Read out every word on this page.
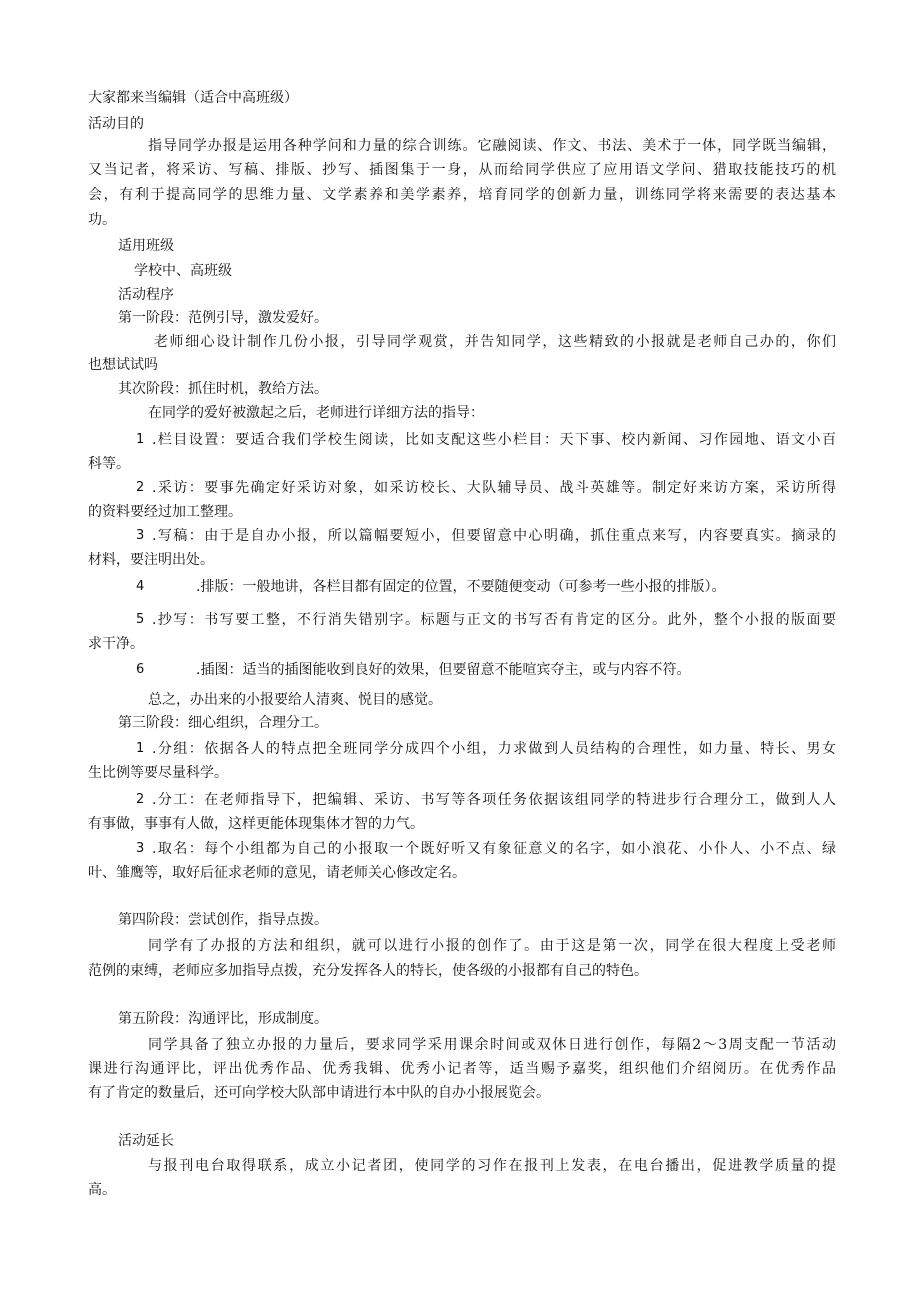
大家都来当编辑（适合中高班级）
活动目的
指导同学办报是运用各种学问和力量的综合训练。它融阅读、作文、书法、美术于一体，同学既当编辑，
又当记者，将采访、写稿、排版、抄写、插图集于一身，从而给同学供应了应用语文学问、猎取技能技巧的机
会，有利于提高同学的思维力量、文学素养和美学素养，培育同学的创新力量，训练同学将来需要的表达基本
功。
适用班级
学校中、高班级
活动程序
第一阶段：范例引导，激发爱好。
老师细心设计制作几份小报，引导同学观赏，并告知同学，这些精致的小报就是老师自己办的，你们
也想试试吗
其次阶段：抓住时机，教给方法。
在同学的爱好被激起之后，老师进行详细方法的指导：
1 .栏目设置：要适合我们学校生阅读，比如支配这些小栏目：天下事、校内新闻、习作园地、语文小百
科等。
2 .采访：要事先确定好采访对象，如采访校长、大队辅导员、战斗英雄等。制定好来访方案，采访所得
的资料要经过加工整理。
3 .写稿：由于是自办小报，所以篇幅要短小，但要留意中心明确，抓住重点来写，内容要真实。摘录的
材料，要注明出处。
4	.排版：一般地讲，各栏目都有固定的位置，不要随便变动（可参考一些小报的排版）。
5 .抄写：书写要工整，不行消失错别字。标题与正文的书写否有肯定的区分。此外，整个小报的版面要
求干净。
6	.插图：适当的插图能收到良好的效果，但要留意不能喧宾夺主，或与内容不符。
总之，办出来的小报要给人清爽、悦目的感觉。
第三阶段：细心组织，合理分工。
1 .分组：依据各人的特点把全班同学分成四个小组，力求做到人员结构的合理性，如力量、特长、男女
生比例等要尽量科学。
2 .分工：在老师指导下，把编辑、采访、书写等各项任务依据该组同学的特进步行合理分工，做到人人
有事做，事事有人做，这样更能体现集体才智的力气。
3 .取名：每个小组都为自己的小报取一个既好听又有象征意义的名字，如小浪花、小仆人、小不点、绿
叶、雏鹰等，取好后征求老师的意见，请老师关心修改定名。
第四阶段：尝试创作，指导点拨。
同学有了办报的方法和组织，就可以进行小报的创作了。由于这是第一次，同学在很大程度上受老师
范例的束缚，老师应多加指导点拨，充分发挥各人的特长，使各级的小报都有自己的特色。
第五阶段：沟通评比，形成制度。
同学具备了独立办报的力量后，要求同学采用课余时间或双休日进行创作，每隔2～3周支配一节活动
课进行沟通评比，评出优秀作品、优秀我辑、优秀小记者等，适当赐予嘉奖，组织他们介绍阅历。在优秀作品
有了肯定的数量后，还可向学校大队部申请进行本中队的自办小报展览会。
活动延长
与报刊电台取得联系，成立小记者团，使同学的习作在报刊上发表，在电台播出，促进教学质量的提
高。
